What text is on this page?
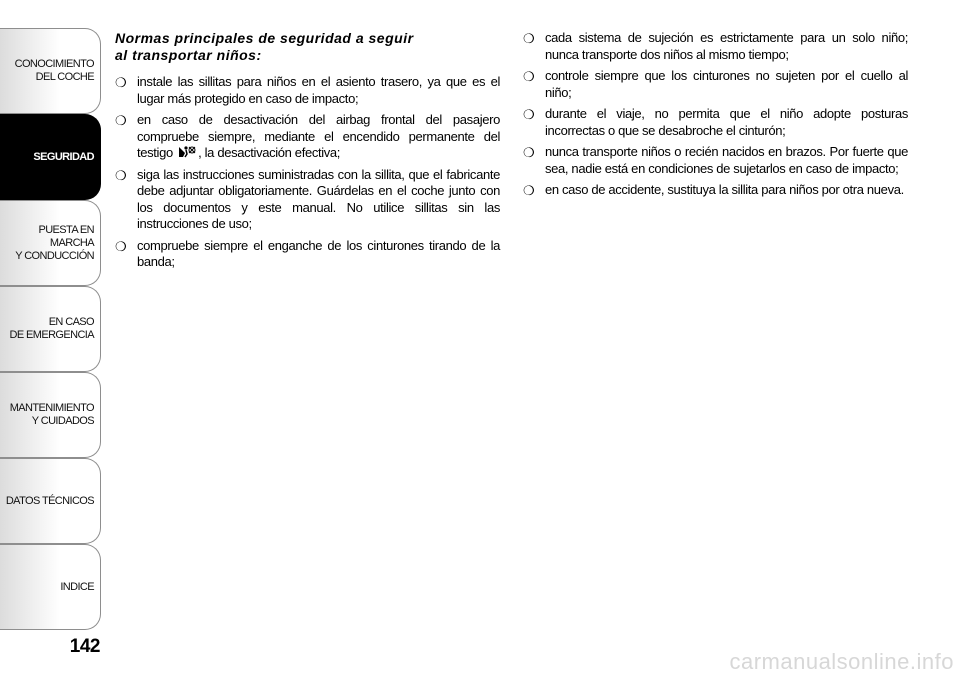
CONOCIMIENTO
DEL COCHE
SEGURIDAD
PUESTA EN MARCHA
Y CONDUCCIÓN
EN CASO
DE EMERGENCIA
MANTENIMIENTO
Y CUIDADOS
DATOS TÉCNICOS
INDICE
142
Normas principales de seguridad a seguir
al transportar niños:
❍ instale las sillitas para niños en el asiento trasero, ya que es el lugar más protegido en caso de impacto;
❍ en caso de desactivación del airbag frontal del pasajero compruebe siempre, mediante el encendido permanente del testigo , la desactivación efectiva;
❍ siga las instrucciones suministradas con la sillita, que el fabricante debe adjuntar obligatoriamente. Guárdelas en el coche junto con los documentos y este manual. No utilice sillitas sin las instrucciones de uso;
❍ compruebe siempre el enganche de los cinturones tirando de la banda;
❍ cada sistema de sujeción es estrictamente para un solo niño; nunca transporte dos niños al mismo tiempo;
❍ controle siempre que los cinturones no sujeten por el cuello al niño;
❍ durante el viaje, no permita que el niño adopte posturas incorrectas o que se desabroche el cinturón;
❍ nunca transporte niños o recién nacidos en brazos. Por fuerte que sea, nadie está en condiciones de sujetarlos en caso de impacto;
❍ en caso de accidente, sustituya la sillita para niños por otra nueva.
carmanualsonline.info
